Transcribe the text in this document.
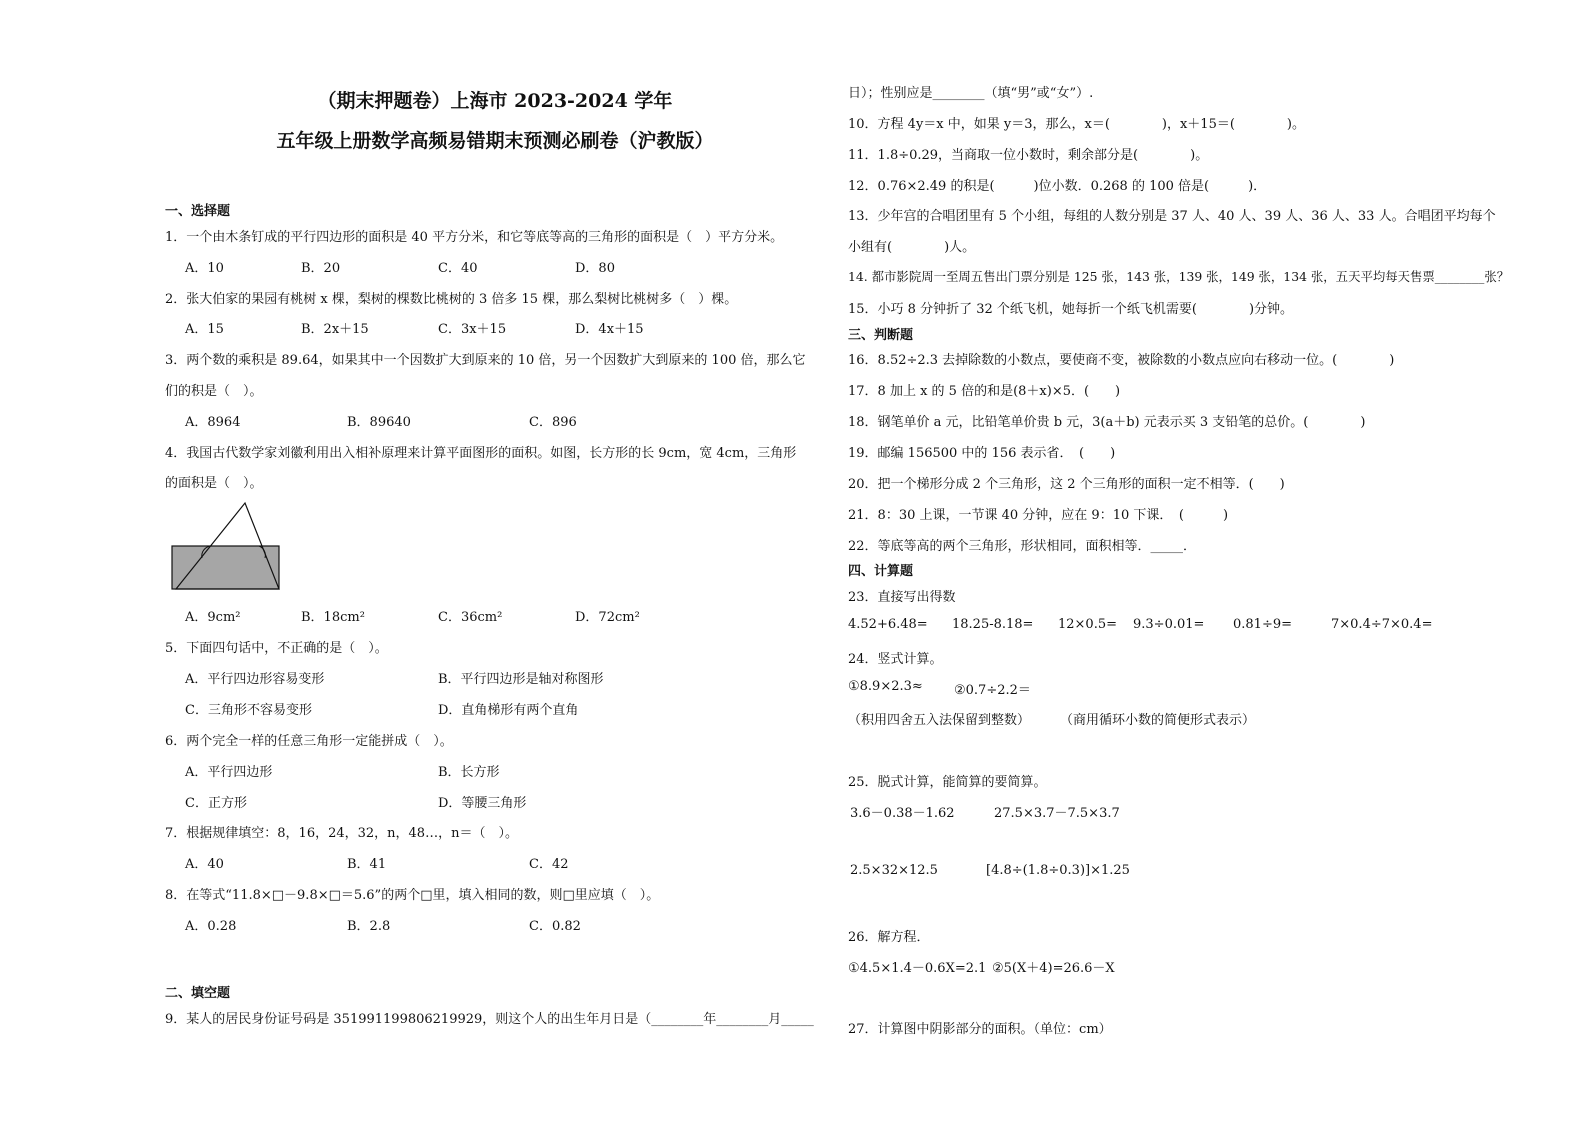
（期末押题卷）上海市 2023-2024 学年
五年级上册数学高频易错期末预测必刷卷（沪教版）
一、选择题
1．一个由木条钉成的平行四边形的面积是 40 平方分米，和它等底等高的三角形的面积是（　）平方分米。
A．10	B．20	C．40	D．80
2．张大伯家的果园有桃树 x 棵，梨树的棵数比桃树的 3 倍多 15 棵，那么梨树比桃树多（　）棵。
A．15	B．2x＋15	C．3x＋15	D．4x＋15
3．两个数的乘积是 89.64，如果其中一个因数扩大到原来的 10 倍，另一个因数扩大到原来的 100 倍，那么它
们的积是（　）。
A．8964	B．89640	C．896
4．我国古代数学家刘徽利用出入相补原理来计算平面图形的面积。如图，长方形的长 9cm，宽 4cm，三角形
的面积是（　）。
A．9cm²	B．18cm²	C．36cm²	D．72cm²
5．下面四句话中，不正确的是（　）。
A．平行四边形容易变形	B．平行四边形是轴对称图形
C．三角形不容易变形	D．直角梯形有两个直角
6．两个完全一样的任意三角形一定能拼成（　）。
A．平行四边形	B．长方形
C．正方形	D．等腰三角形
7．根据规律填空：8，16，24，32，n，48…，n＝（　）。
A．40	B．41	C．42
8．在等式“11.8×□－9.8×□＝5.6”的两个□里，填入相同的数，则□里应填（　）。
A．0.28	B．2.8	C．0.82
二、填空题
9．某人的居民身份证号码是 351991199806219929，则这个人的出生年月日是（________年________月_____
日）；性别应是________（填“男”或“女”）.
10．方程 4y＝x 中，如果 y＝3，那么，x＝(　　　　)，x＋15＝(　　　　)。
11．1.8÷0.29，当商取一位小数时，剩余部分是(　　　　)。
12．0.76×2.49 的积是(　　　)位小数．0.268 的 100 倍是(　　　)．
13．少年宫的合唱团里有 5 个小组，每组的人数分别是 37 人、40 人、39 人、36 人、33 人。合唱团平均每个
小组有(　　　　)人。
14. 都市影院周一至周五售出门票分别是 125 张，143 张，139 张，149 张，134 张，五天平均每天售票________张？
15．小巧 8 分钟折了 32 个纸飞机，她每折一个纸飞机需要(　　　　)分钟。
三、判断题
16．8.52÷2.3 去掉除数的小数点，要使商不变，被除数的小数点应向右移动一位。(　　　　)
17．8 加上 x 的 5 倍的和是(8＋x)×5．(　　)
18．钢笔单价 a 元，比铅笔单价贵 b 元，3(a＋b) 元表示买 3 支铅笔的总价。(　　　　)
19．邮编 156500 中的 156 表示省．　(　　)
20．把一个梯形分成 2 个三角形，这 2 个三角形的面积一定不相等．(　　)
21．8：30 上课，一节课 40 分钟，应在 9：10 下课．　(　　　)
22．等底等高的两个三角形，形状相同，面积相等．_____．
四、计算题
23．直接写出得数
4.52+6.48= 18.25-8.18= 12×0.5= 9.3÷0.01= 0.81÷9=	7×0.4÷7×0.4=
24．竖式计算。
①8.9×2.3≈ ②0.7÷2.2＝
（积用四舍五入法保留到整数） （商用循环小数的简便形式表示）
25．脱式计算，能简算的要简算。
3.6－0.38－1.62	27.5×3.7－7.5×3.7
2.5×32×12.5	[4.8÷(1.8÷0.3)]×1.25
26．解方程．
①4.5×1.4－0.6X=2.1 ②5(X＋4)=26.6－X
27．计算图中阴影部分的面积。（单位：cm）
